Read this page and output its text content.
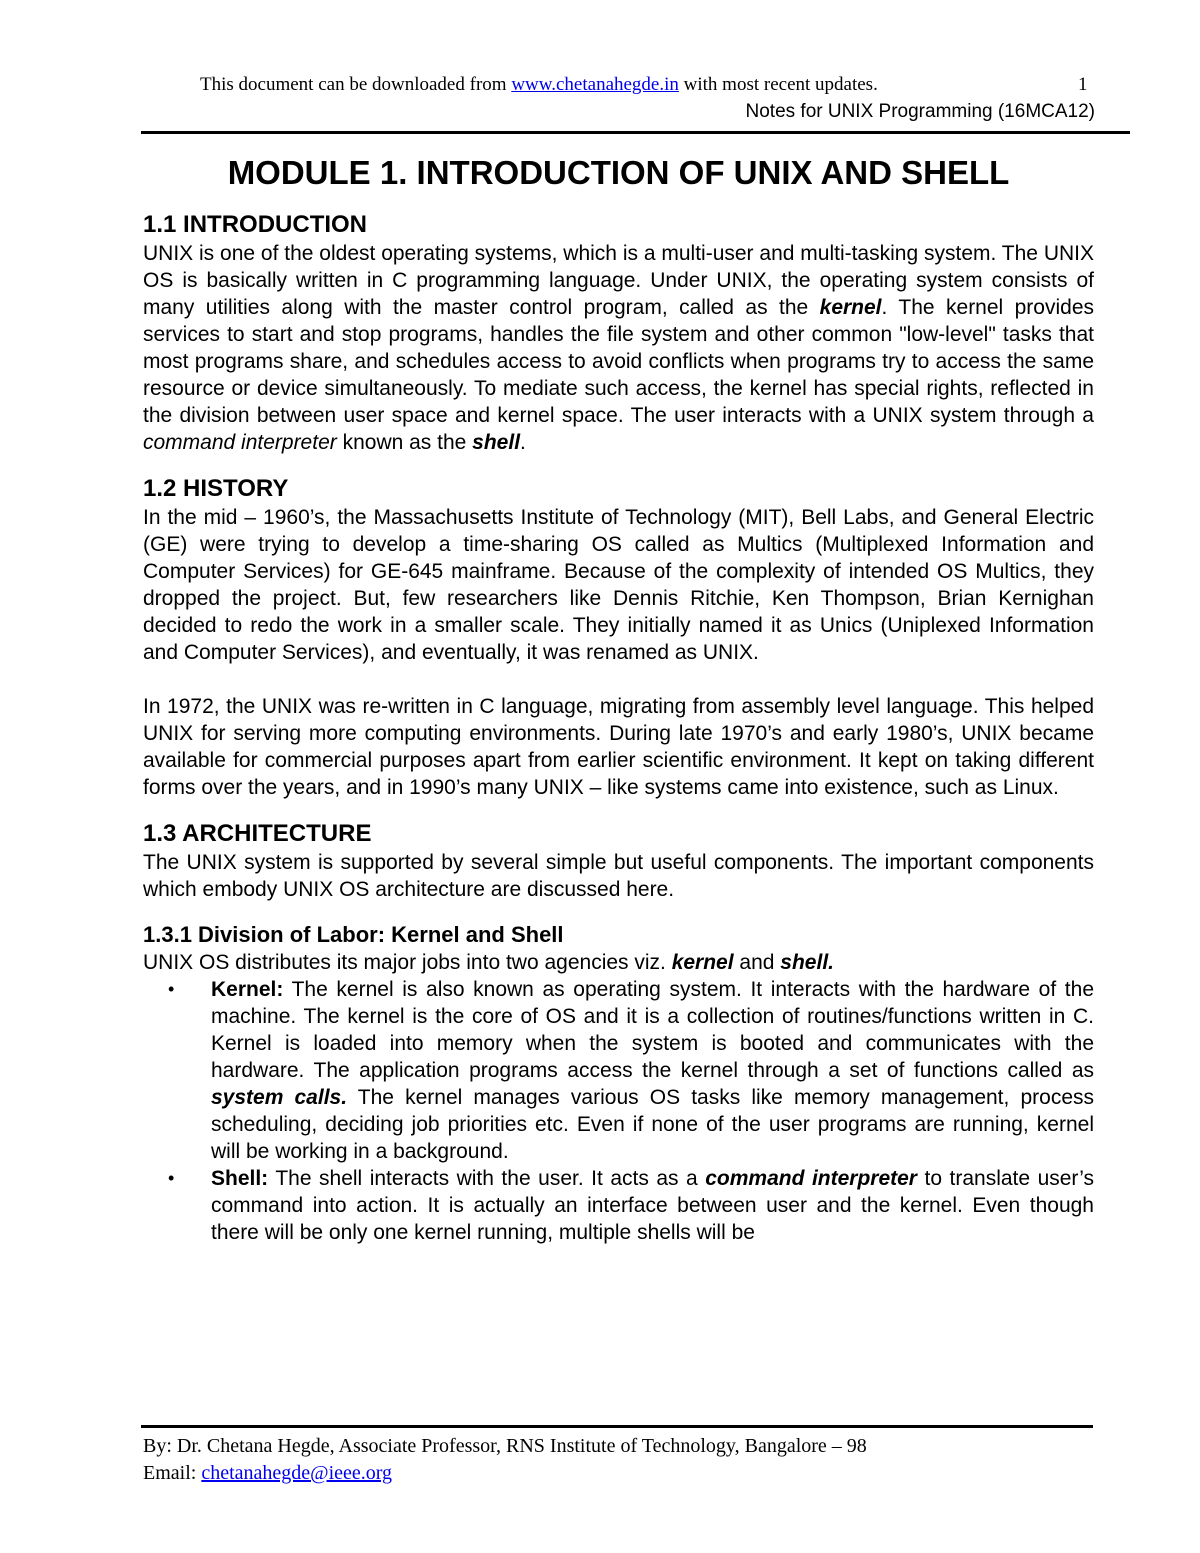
This document can be downloaded from www.chetanahegde.in with most recent updates.	1
Notes for UNIX Programming (16MCA12)
MODULE 1. INTRODUCTION OF UNIX AND SHELL
1.1 INTRODUCTION

UNIX is one of the oldest operating systems, which is a multi-user and multi-tasking system. The UNIX OS is basically written in C programming language. Under UNIX, the operating system consists of many utilities along with the master control program, called as the kernel. The kernel provides services to start and stop programs, handles the file system and other common "low-level" tasks that most programs share, and schedules access to avoid conflicts when programs try to access the same resource or device simultaneously. To mediate such access, the kernel has special rights, reflected in the division between user space and kernel space. The user interacts with a UNIX system through a command interpreter known as the shell.

1.2 HISTORY

In the mid – 1960’s, the Massachusetts Institute of Technology (MIT), Bell Labs, and General Electric (GE) were trying to develop a time-sharing OS called as Multics (Multiplexed Information and Computer Services) for GE-645 mainframe. Because of the complexity of intended OS Multics, they dropped the project. But, few researchers like Dennis Ritchie, Ken Thompson, Brian Kernighan decided to redo the work in a smaller scale. They initially named it as Unics (Uniplexed Information and Computer Services), and eventually, it was renamed as UNIX.

In 1972, the UNIX was re-written in C language, migrating from assembly level language. This helped UNIX for serving more computing environments. During late 1970’s and early 1980’s, UNIX became available for commercial purposes apart from earlier scientific environment. It kept on taking different forms over the years, and in 1990’s many UNIX – like systems came into existence, such as Linux.

1.3 ARCHITECTURE

The UNIX system is supported by several simple but useful components. The important components which embody UNIX OS architecture are discussed here.

1.3.1 Division of Labor: Kernel and Shell

UNIX OS distributes its major jobs into two agencies viz. kernel and shell.

• Kernel: The kernel is also known as operating system. It interacts with the hardware of the machine. The kernel is the core of OS and it is a collection of routines/functions written in C. Kernel is loaded into memory when the system is booted and communicates with the hardware. The application programs access the kernel through a set of functions called as system calls. The kernel manages various OS tasks like memory management, process scheduling, deciding job priorities etc. Even if none of the user programs are running, kernel will be working in a background.
• Shell: The shell interacts with the user. It acts as a command interpreter to translate user’s command into action. It is actually an interface between user and the kernel. Even though there will be only one kernel running, multiple shells will be
By: Dr. Chetana Hegde, Associate Professor, RNS Institute of Technology, Bangalore – 98
Email: chetanahegde@ieee.org
